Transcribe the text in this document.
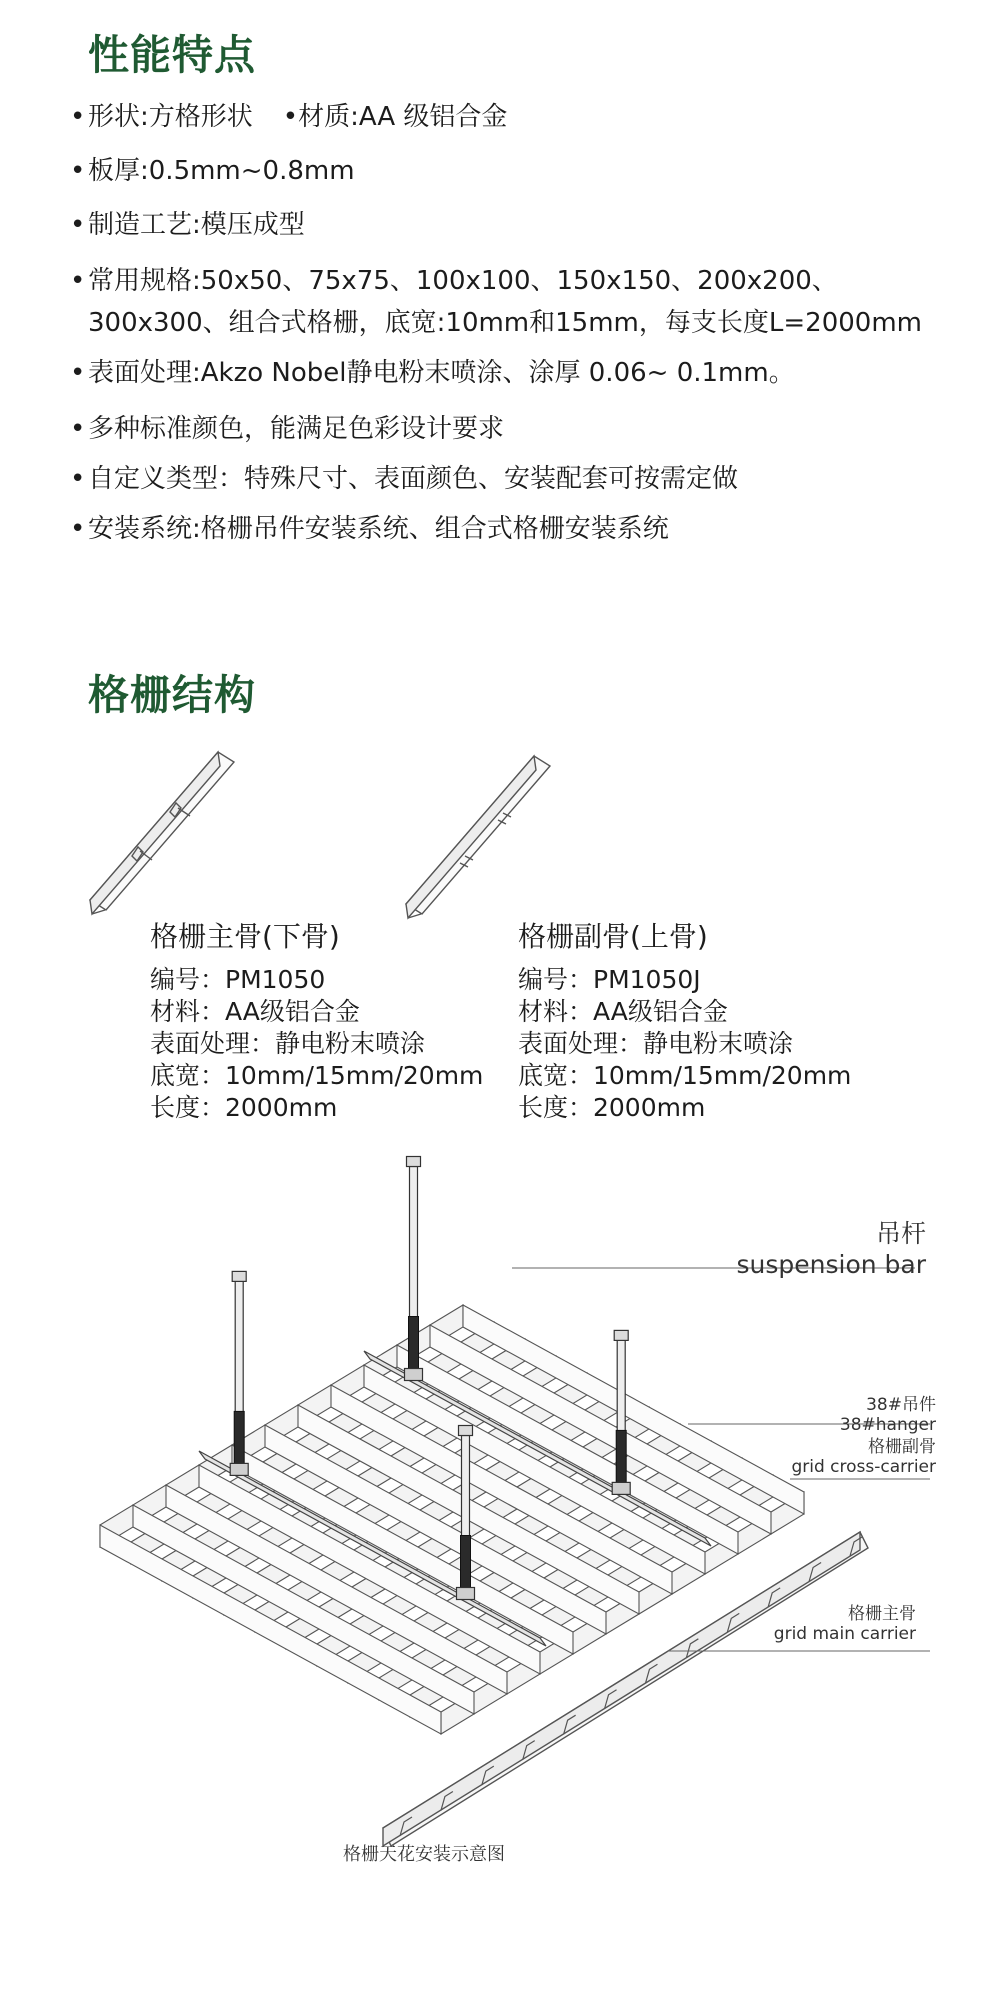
性能特点
• 形状:方格形状 •材质:AA 级铝合金
• 板厚:0.5mm~0.8mm
• 制造工艺:模压成型
• 常用规格:50x50、75x75、100x100、150x150、200x200、
300x300、组合式格栅，底宽:10mm和15mm，每支长度L=2000mm
• 表面处理:Akzo Nobel静电粉末喷涂、涂厚 0.06~ 0.1mm。
• 多种标准颜色，能满足色彩设计要求
• 自定义类型：特殊尺寸、表面颜色、安装配套可按需定做
• 安装系统:格栅吊件安装系统、组合式格栅安装系统
格栅结构
格栅主骨(下骨)
编号：PM1050
材料：AA级铝合金
表面处理：静电粉末喷涂
底宽：10mm/15mm/20mm
长度：2000mm
格栅副骨(上骨)
编号：PM1050J
材料：AA级铝合金
表面处理：静电粉末喷涂
底宽：10mm/15mm/20mm
长度：2000mm
吊杆
suspension bar
38#吊件
38#hanger
格栅副骨
grid cross-carrier
格栅主骨
grid main carrier
格栅天花安装示意图
